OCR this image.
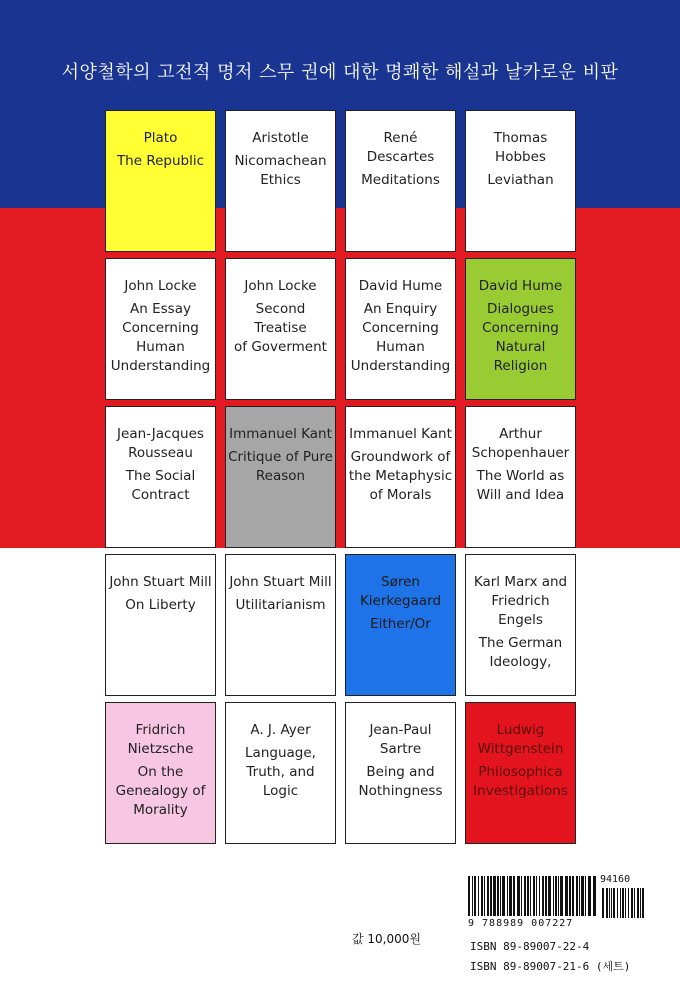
서양철학의 고전적 명저 스무 권에 대한 명쾌한 해설과 날카로운 비판
Plato
The Republic
Aristotle
Nicomachean
Ethics
René
Descartes
Meditations
Thomas
Hobbes
Leviathan
John Locke
An Essay
Concerning
Human
Understanding
John Locke
Second Treatise
of Goverment
David Hume
An Enquiry
Concerning
Human
Understanding
David Hume
Dialogues
Concerning
Natural
Religion
Jean-Jacques
Rousseau
The Social
Contract
Immanuel Kant
Critique of Pure
Reason
Immanuel Kant
Groundwork of
the Metaphysic
of Morals
Arthur
Schopenhauer
The World as
Will and Idea
John Stuart Mill
On Liberty
John Stuart Mill
Utilitarianism
Søren
Kierkegaard
Either/Or
Karl Marx and
Friedrich Engels
The German
Ideology,
Fridrich
Nietzsche
On the
Genealogy of
Morality
A. J. Ayer
Language,
Truth, and Logic
Jean-Paul
Sartre
Being and
Nothingness
Ludwig
Wittgenstein
Philosophica
Investigations
94160
9 788989 007227
ISBN 89-89007-22-4
ISBN 89-89007-21-6 (세트)
값 10,000원
